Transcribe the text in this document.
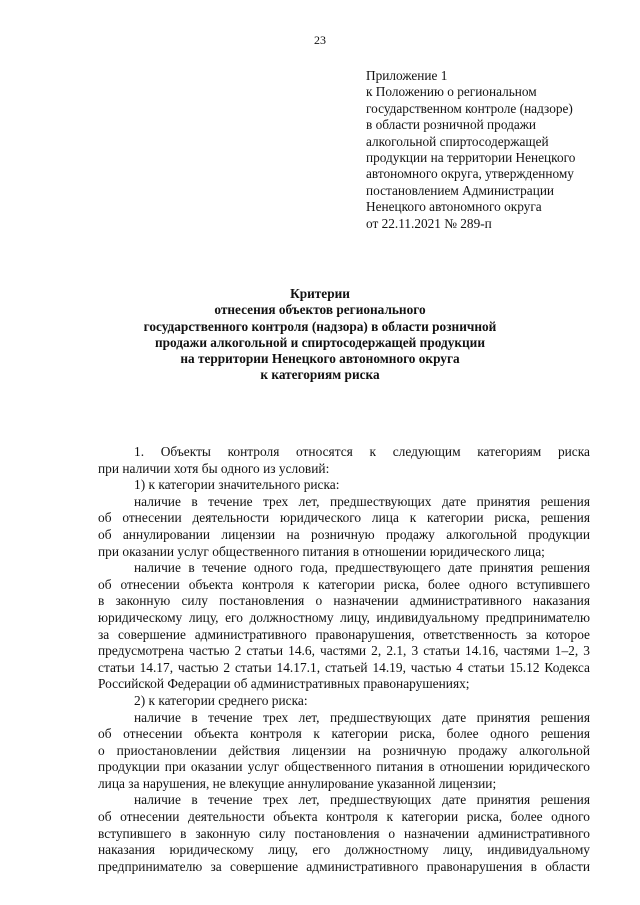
23
Приложение 1
к Положению о региональном
государственном контроле (надзоре)
в области розничной продажи
алкогольной спиртосодержащей
продукции на территории Ненецкого
автономного округа, утвержденному
постановлением Администрации
Ненецкого автономного округа
от 22.11.2021 № 289-п
Критерии
отнесения объектов регионального
государственного контроля (надзора) в области розничной
продажи алкогольной и спиртосодержащей продукции
на территории Ненецкого автономного округа
к категориям риска
1. Объекты контроля относятся к следующим категориям риска
при наличии хотя бы одного из условий:
1) к категории значительного риска:
наличие в течение трех лет, предшествующих дате принятия решения
об отнесении деятельности юридического лица к категории риска, решения
об аннулировании лицензии на розничную продажу алкогольной продукции
при оказании услуг общественного питания в отношении юридического лица;
наличие в течение одного года, предшествующего дате принятия решения
об отнесении объекта контроля к категории риска, более одного вступившего
в законную силу постановления о назначении административного наказания
юридическому лицу, его должностному лицу, индивидуальному предпринимателю
за совершение административного правонарушения, ответственность за которое
предусмотрена частью 2 статьи 14.6, частями 2, 2.1, 3 статьи 14.16, частями 1–2, 3
статьи 14.17, частью 2 статьи 14.17.1, статьей 14.19, частью 4 статьи 15.12 Кодекса
Российской Федерации об административных правонарушениях;
2) к категории среднего риска:
наличие в течение трех лет, предшествующих дате принятия решения
об отнесении объекта контроля к категории риска, более одного решения
о приостановлении действия лицензии на розничную продажу алкогольной
продукции при оказании услуг общественного питания в отношении юридического
лица за нарушения, не влекущие аннулирование указанной лицензии;
наличие в течение трех лет, предшествующих дате принятия решения
об отнесении деятельности объекта контроля к категории риска, более одного
вступившего в законную силу постановления о назначении административного
наказания юридическому лицу, его должностному лицу, индивидуальному
предпринимателю за совершение административного правонарушения в области
